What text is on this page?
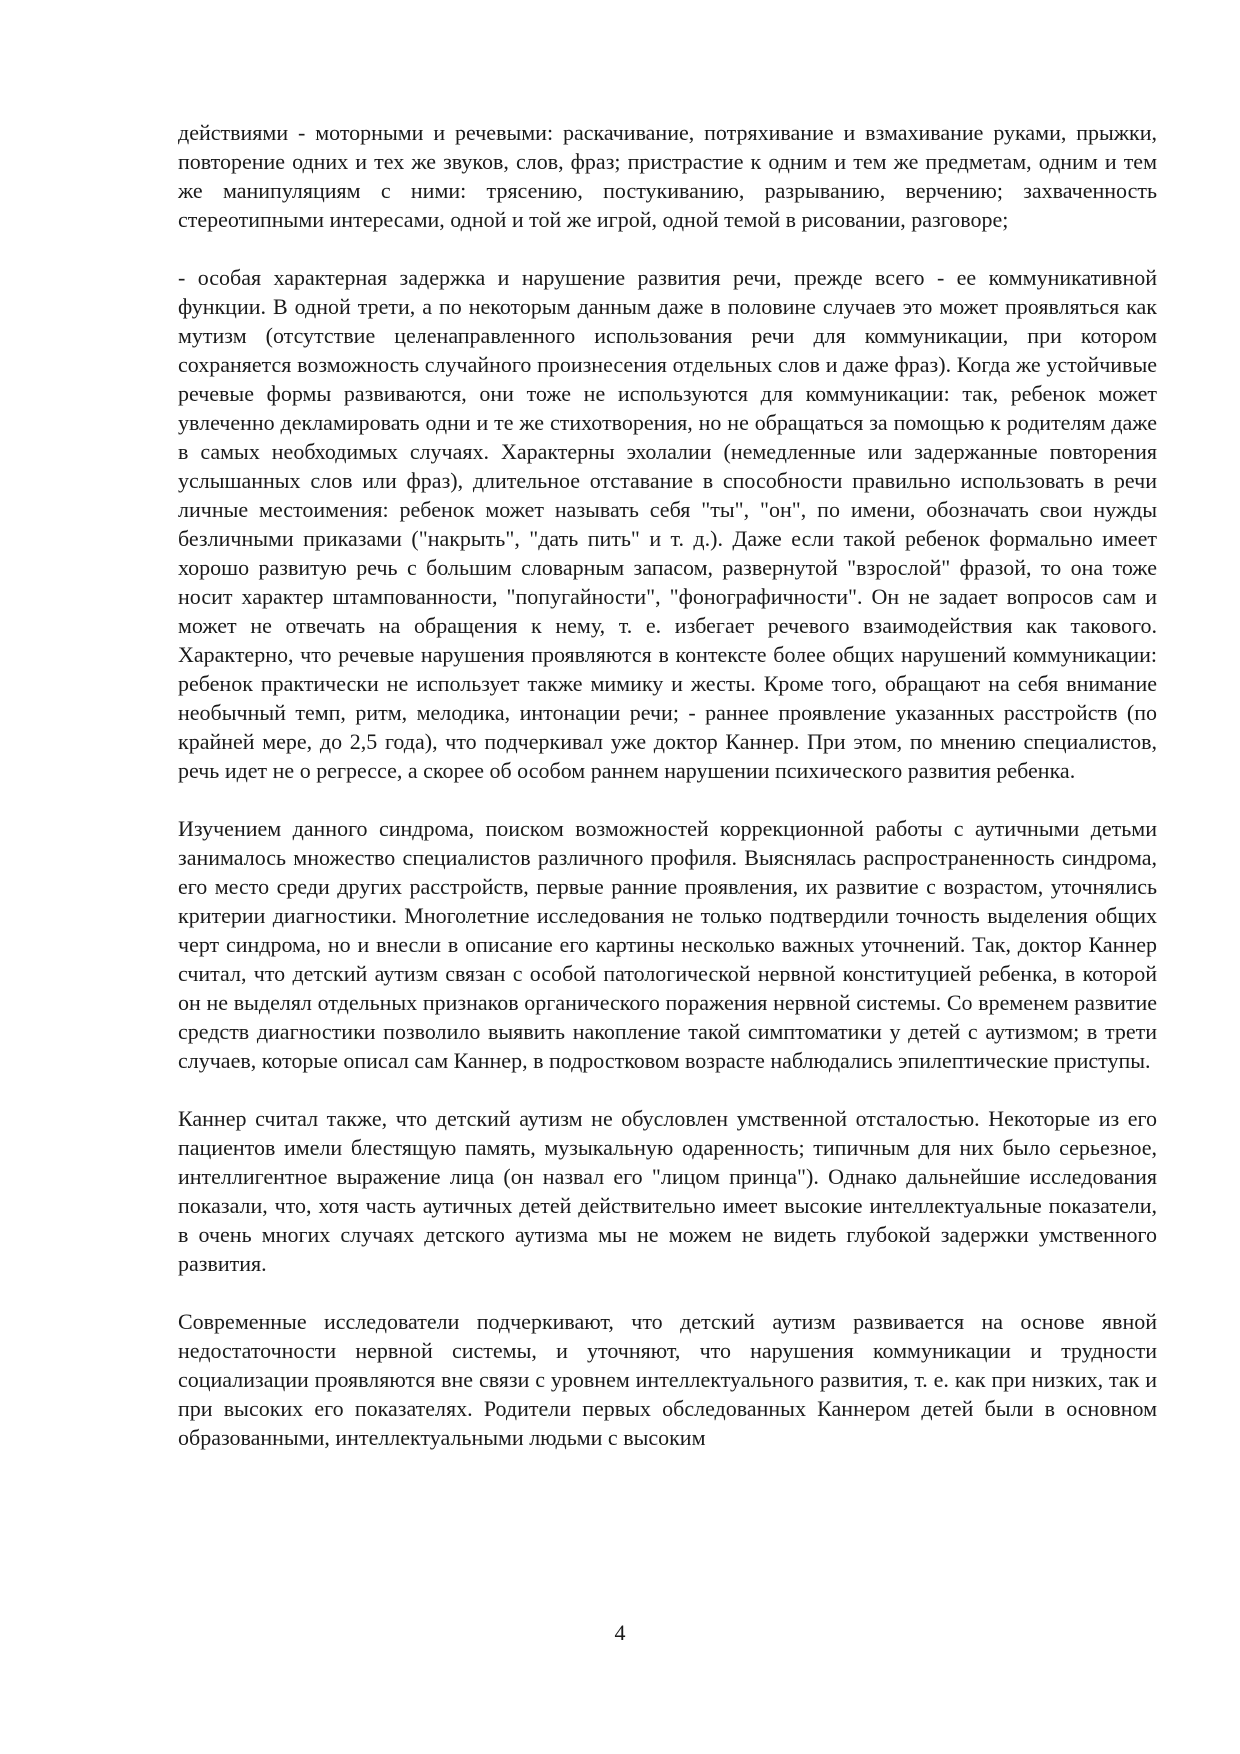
действиями - моторными и речевыми: раскачивание, потряхивание и взмахивание руками, прыжки, повторение одних и тех же звуков, слов, фраз; пристрастие к одним и тем же предметам, одним и тем же манипуляциям с ними: трясению, постукиванию, разрыванию, верчению; захваченность стереотипными интересами, одной и той же игрой, одной темой в рисовании, разговоре;

- особая характерная задержка и нарушение развития речи, прежде всего - ее коммуникативной функции. В одной трети, а по некоторым данным даже в половине случаев это может проявляться как мутизм (отсутствие целенаправленного использования речи для коммуникации, при котором сохраняется возможность случайного произнесения отдельных слов и даже фраз). Когда же устойчивые речевые формы развиваются, они тоже не используются для коммуникации: так, ребенок может увлеченно декламировать одни и те же стихотворения, но не обращаться за помощью к родителям даже в самых необходимых случаях. Характерны эхолалии (немедленные или задержанные повторения услышанных слов или фраз), длительное отставание в способности правильно использовать в речи личные местоимения: ребенок может называть себя "ты", "он", по имени, обозначать свои нужды безличными приказами ("накрыть", "дать пить" и т. д.). Даже если такой ребенок формально имеет хорошо развитую речь с большим словарным запасом, развернутой "взрослой" фразой, то она тоже носит характер штампованности, "попугайности", "фонографичности". Он не задает вопросов сам и может не отвечать на обращения к нему, т. е. избегает речевого взаимодействия как такового. Характерно, что речевые нарушения проявляются в контексте более общих нарушений коммуникации: ребенок практически не использует также мимику и жесты. Кроме того, обращают на себя внимание необычный темп, ритм, мелодика, интонации речи; - раннее проявление указанных расстройств (по крайней мере, до 2,5 года), что подчеркивал уже доктор Каннер. При этом, по мнению специалистов, речь идет не о регрессе, а скорее об особом раннем нарушении психического развития ребенка.

Изучением данного синдрома, поиском возможностей коррекционной работы с аутичными детьми занималось множество специалистов различного профиля. Выяснялась распространенность синдрома, его место среди других расстройств, первые ранние проявления, их развитие с возрастом, уточнялись критерии диагностики. Многолетние исследования не только подтвердили точность выделения общих черт синдрома, но и внесли в описание его картины несколько важных уточнений. Так, доктор Каннер считал, что детский аутизм связан с особой патологической нервной конституцией ребенка, в которой он не выделял отдельных признаков органического поражения нервной системы. Со временем развитие средств диагностики позволило выявить накопление такой симптоматики у детей с аутизмом; в трети случаев, которые описал сам Каннер, в подростковом возрасте наблюдались эпилептические приступы.

Каннер считал также, что детский аутизм не обусловлен умственной отсталостью. Некоторые из его пациентов имели блестящую память, музыкальную одаренность; типичным для них было серьезное, интеллигентное выражение лица (он назвал его "лицом принца"). Однако дальнейшие исследования показали, что, хотя часть аутичных детей действительно имеет высокие интеллектуальные показатели, в очень многих случаях детского аутизма мы не можем не видеть глубокой задержки умственного развития.

Современные исследователи подчеркивают, что детский аутизм развивается на основе явной недостаточности нервной системы, и уточняют, что нарушения коммуникации и трудности социализации проявляются вне связи с уровнем интеллектуального развития, т. е. как при низких, так и при высоких его показателях. Родители первых обследованных Каннером детей были в основном образованными, интеллектуальными людьми с высоким

4
